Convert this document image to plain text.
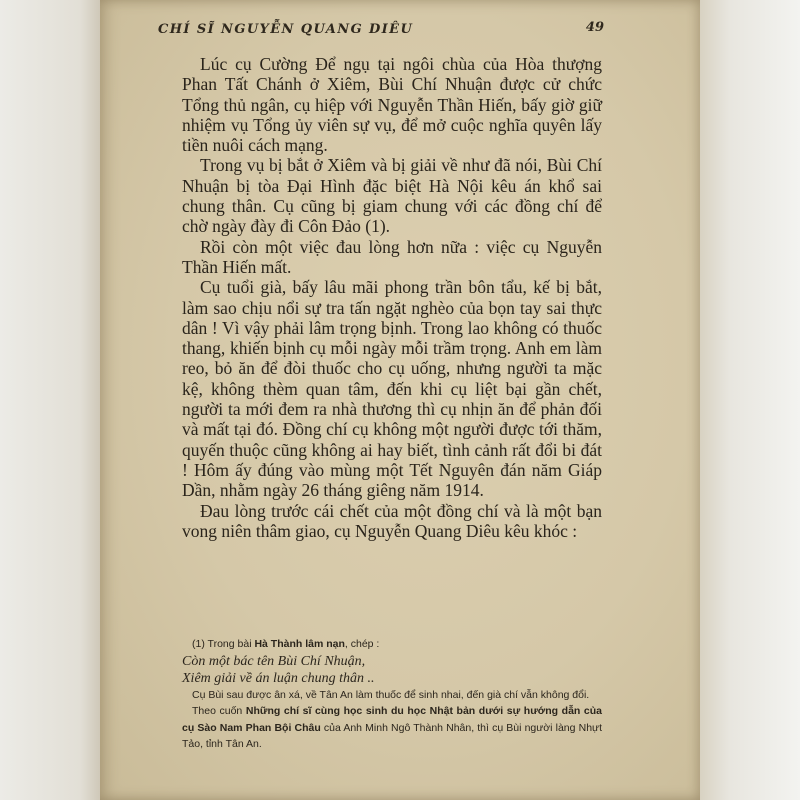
CHÍ SĨ NGUYỄN QUANG DIÊU	49

Lúc cụ Cường Để ngụ tại ngôi chùa của Hòa thượng Phan Tất Chánh ở Xiêm, Bùi Chí Nhuận được cử chức Tổng thủ ngân, cụ hiệp với Nguyễn Thần Hiến, bấy giờ giữ nhiệm vụ Tổng ủy viên sự vụ, để mở cuộc nghĩa quyên lấy tiền nuôi cách mạng.

Trong vụ bị bắt ở Xiêm và bị giải về như đã nói, Bùi Chí Nhuận bị tòa Đại Hình đặc biệt Hà Nội kêu án khổ sai chung thân. Cụ cũng bị giam chung với các đồng chí để chờ ngày đày đi Côn Đảo (1).

Rồi còn một việc đau lòng hơn nữa : việc cụ Nguyễn Thần Hiến mất.

Cụ tuổi già, bấy lâu mãi phong trần bôn tẩu, kế bị bắt, làm sao chịu nổi sự tra tấn ngặt nghèo của bọn tay sai thực dân ! Vì vậy phải lâm trọng bịnh. Trong lao không có thuốc thang, khiến bịnh cụ mỗi ngày mỗi trầm trọng. Anh em làm reo, bỏ ăn để đòi thuốc cho cụ uống, nhưng người ta mặc kệ, không thèm quan tâm, đến khi cụ liệt bại gần chết, người ta mới đem ra nhà thương thì cụ nhịn ăn để phản đối và mất tại đó. Đồng chí cụ không một người được tới thăm, quyến thuộc cũng không ai hay biết, tình cảnh rất đổi bi đát ! Hôm ấy đúng vào mùng một Tết Nguyên đán năm Giáp Dần, nhằm ngày 26 tháng giêng năm 1914.

Đau lòng trước cái chết của một đồng chí và là một bạn vong niên thâm giao, cụ Nguyễn Quang Diêu kêu khóc :

(1) Trong bài Hà Thành lâm nạn, chép :

Còn một bác tên Bùi Chí Nhuận,

Xiêm giải về án luận chung thân ..

Cụ Bùi sau được ân xá, về Tân An làm thuốc để sinh nhai, đến già chí vẫn không đổi.

Theo cuốn Những chí sĩ cùng học sinh du học Nhật bản dưới sự hướng dẫn của cụ Sào Nam Phan Bội Châu của Anh Minh Ngô Thành Nhân, thì cụ Bùi người làng Nhựt Tảo, tỉnh Tân An.
